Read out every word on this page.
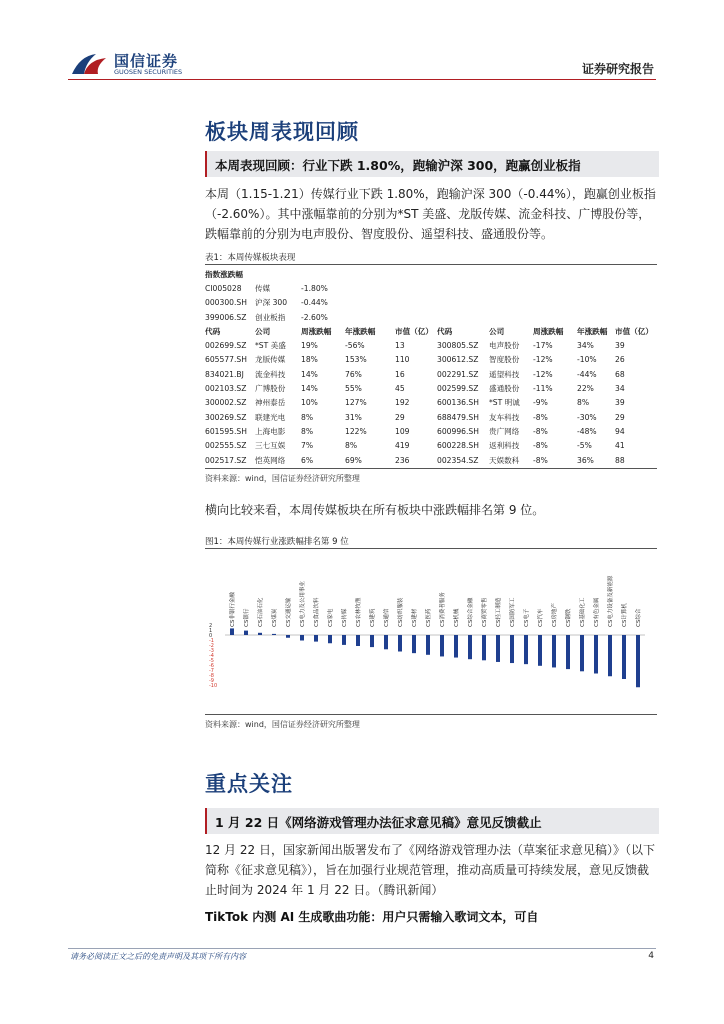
国信证券
GUOSEN SECURITIES	证券研究报告
板块周表现回顾
本周表现回顾：行业下跌 1.80%，跑输沪深 300，跑赢创业板指

本周（1.15-1.21）传媒行业下跌 1.80%，跑输沪深 300（-0.44%），跑赢创业板指（-2.60%）。其中涨幅靠前的分别为*ST 美盛、龙版传媒、流金科技、广博股份等，跌幅靠前的分别为电声股份、智度股份、遥望科技、盛通股份等。

表1：本周传媒板块表现
指数涨跌幅									
CI005028	传媒	-1.80%							
000300.SH	沪深 300	-0.44%							
399006.SZ	创业板指	-2.60%							
代码	公司	周涨跌幅	年涨跌幅	市值（亿）	代码	公司	周涨跌幅	年涨跌幅	市值（亿）
002699.SZ	*ST 美盛	19%	-56%	13	300805.SZ	电声股份	-17%	34%	39
605577.SH	龙版传媒	18%	153%	110	300612.SZ	智度股份	-12%	-10%	26
834021.BJ	流金科技	14%	76%	16	002291.SZ	遥望科技	-12%	-44%	68
002103.SZ	广博股份	14%	55%	45	002599.SZ	盛通股份	-11%	22%	34
300002.SZ	神州泰岳	10%	127%	192	600136.SH	*ST 明诚	-9%	8%	39
300269.SZ	联建光电	8%	31%	29	688479.SH	友车科技	-8%	-30%	29
601595.SH	上海电影	8%	122%	109	600996.SH	贵广网络	-8%	-48%	94
002555.SZ	三七互娱	7%	8%	419	600228.SH	返利科技	-8%	-5%	41
002517.SZ	恺英网络	6%	69%	236	002354.SZ	天娱数科	-8%	36%	88
资料来源：wind，国信证券经济研究所整理

横向比较来看，本周传媒板块在所有板块中涨跌幅排名第 9 位。

图1：本周传媒行业涨跌幅排名第 9 位
2
1
0
-1
-2
-3
-4
-5
-6
-7
-8
-9
-10
CS非银行金融	CS银行	CS石油石化	CS煤炭	CS交通运输	CS电力及公用事业	CS食品饮料	CS家电	CS传媒	CS农林牧渔	CS建筑	CS通信	CS纺织服装	CS建材	CS医药	CS消费者服务	CS机械	CS综合金融	CS商贸零售	CS轻工制造	CS国防军工	CS电子	CS汽车	CS房地产	CS钢铁	CS基础化工	CS有色金属	CS电力设备及新能源	CS计算机	CS综合
资料来源：wind，国信证券经济研究所整理
重点关注
1 月 22 日《网络游戏管理办法征求意见稿》意见反馈截止

12 月 22 日，国家新闻出版署发布了《网络游戏管理办法（草案征求意见稿）》（以下简称《征求意见稿》），旨在加强行业规范管理，推动高质量可持续发展，意见反馈截止时间为 2024 年 1 月 22 日。（腾讯新闻）

TikTok 内测 AI 生成歌曲功能：用户只需输入歌词文本，可自
请务必阅读正文之后的免责声明及其项下所有内容	4
